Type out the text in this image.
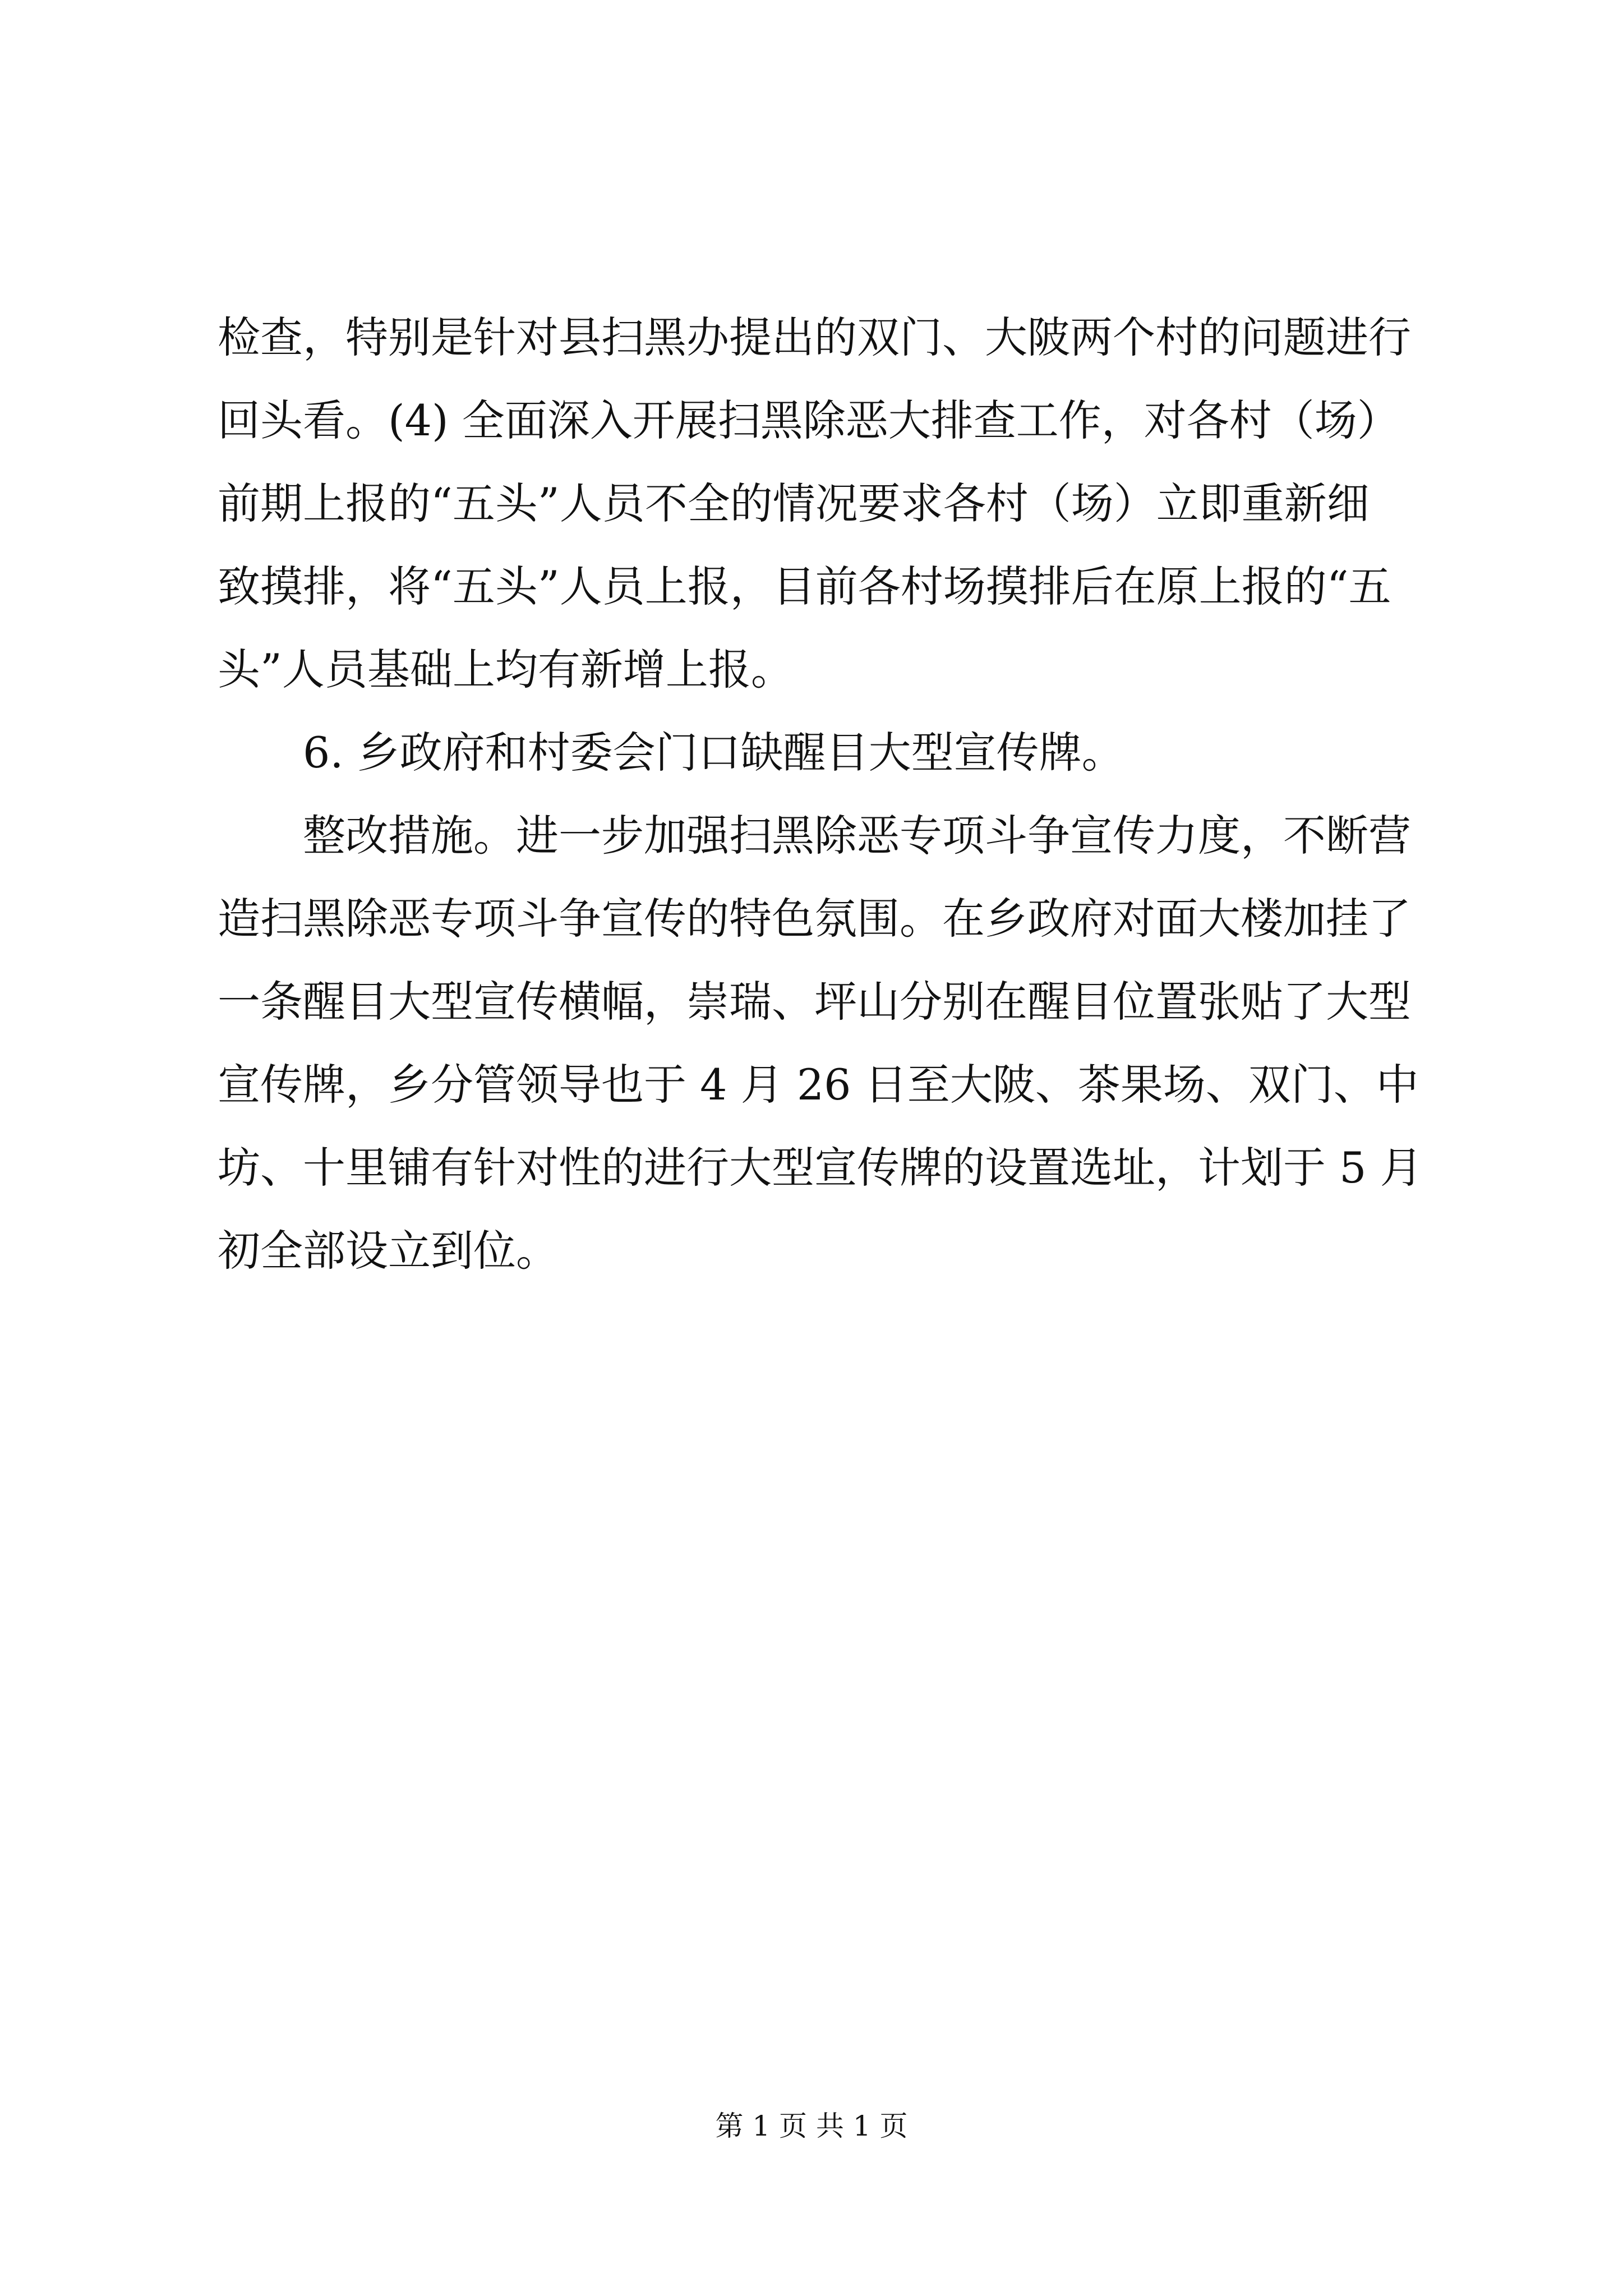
检查，特别是针对县扫黑办提出的双门、大陂两个村的问题进行
回头看。(4) 全面深入开展扫黑除恶大排查工作，对各村（场）
前期上报的“五头”人员不全的情况要求各村（场）立即重新细
致摸排，将“五头”人员上报，目前各村场摸排后在原上报的“五
头”人员基础上均有新增上报。
6. 乡政府和村委会门口缺醒目大型宣传牌。
整改措施。进一步加强扫黑除恶专项斗争宣传力度，不断营
造扫黑除恶专项斗争宣传的特色氛围。在乡政府对面大楼加挂了
一条醒目大型宣传横幅，崇瑞、坪山分别在醒目位置张贴了大型
宣传牌，乡分管领导也于 4 月 26 日至大陂、茶果场、双门、中
坊、十里铺有针对性的进行大型宣传牌的设置选址，计划于 5 月
初全部设立到位。
第 1 页 共 1 页
